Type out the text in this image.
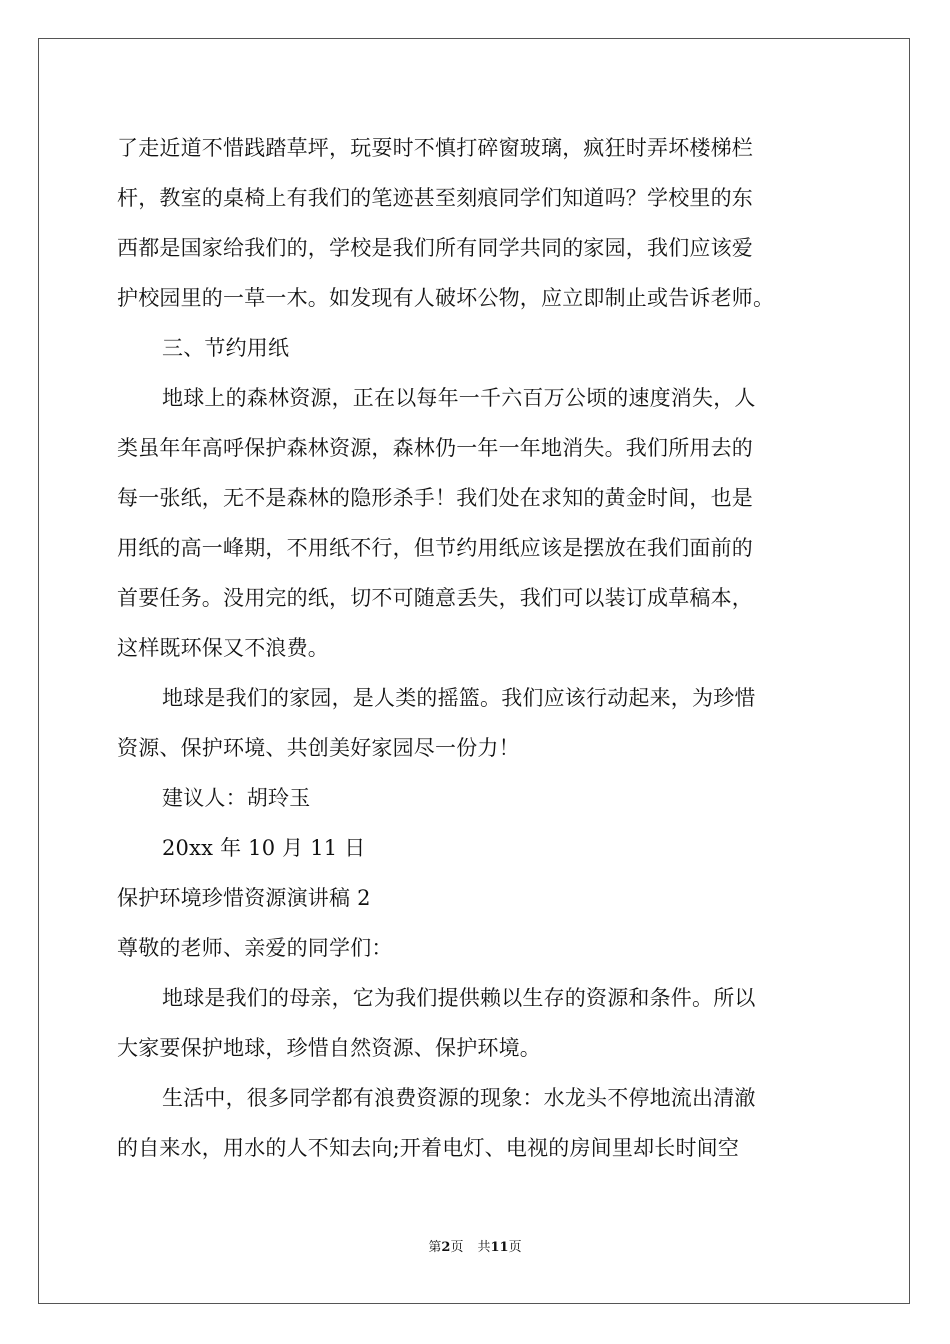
了走近道不惜践踏草坪，玩耍时不慎打碎窗玻璃，疯狂时弄坏楼梯栏
杆，教室的桌椅上有我们的笔迹甚至刻痕同学们知道吗？学校里的东
西都是国家给我们的，学校是我们所有同学共同的家园，我们应该爱
护校园里的一草一木。如发现有人破坏公物，应立即制止或告诉老师。
三、节约用纸
地球上的森林资源，正在以每年一千六百万公顷的速度消失，人
类虽年年高呼保护森林资源，森林仍一年一年地消失。我们所用去的
每一张纸，无不是森林的隐形杀手！我们处在求知的黄金时间，也是
用纸的高一峰期，不用纸不行，但节约用纸应该是摆放在我们面前的
首要任务。没用完的纸，切不可随意丢失，我们可以装订成草稿本，
这样既环保又不浪费。
地球是我们的家园，是人类的摇篮。我们应该行动起来，为珍惜
资源、保护环境、共创美好家园尽一份力！
建议人：胡玲玉
20xx 年 10 月 11 日
保护环境珍惜资源演讲稿 2
尊敬的老师、亲爱的同学们：
地球是我们的母亲，它为我们提供赖以生存的资源和条件。所以
大家要保护地球，珍惜自然资源、保护环境。
生活中，很多同学都有浪费资源的现象：水龙头不停地流出清澈
的自来水，用水的人不知去向;开着电灯、电视的房间里却长时间空
第2页 共11页
